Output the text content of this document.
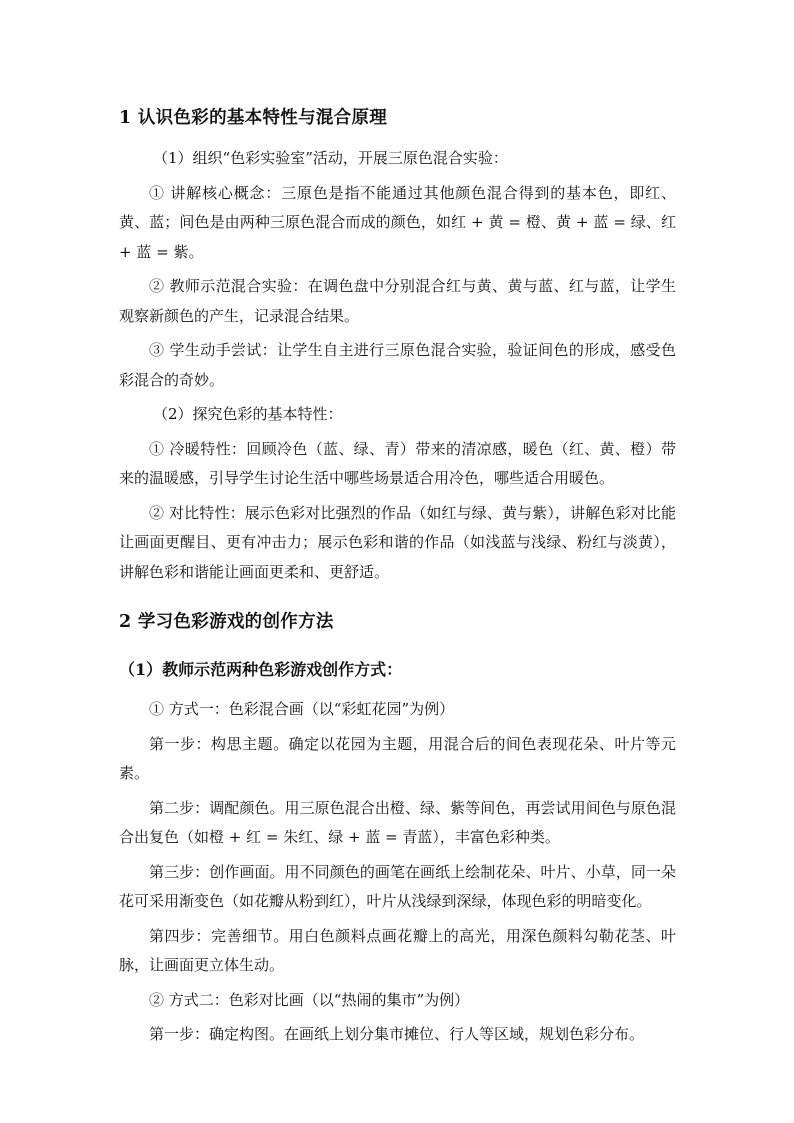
1 认识色彩的基本特性与混合原理

（1）组织“色彩实验室”活动，开展三原色混合实验：

① 讲解核心概念：三原色是指不能通过其他颜色混合得到的基本色，即红、黄、蓝；间色是由两种三原色混合而成的颜色，如红 + 黄 = 橙、黄 + 蓝 = 绿、红 + 蓝 = 紫。

② 教师示范混合实验：在调色盘中分别混合红与黄、黄与蓝、红与蓝，让学生观察新颜色的产生，记录混合结果。

③ 学生动手尝试：让学生自主进行三原色混合实验，验证间色的形成，感受色彩混合的奇妙。

（2）探究色彩的基本特性：

① 冷暖特性：回顾冷色（蓝、绿、青）带来的清凉感，暖色（红、黄、橙）带来的温暖感，引导学生讨论生活中哪些场景适合用冷色，哪些适合用暖色。

② 对比特性：展示色彩对比强烈的作品（如红与绿、黄与紫），讲解色彩对比能让画面更醒目、更有冲击力；展示色彩和谐的作品（如浅蓝与浅绿、粉红与淡黄），讲解色彩和谐能让画面更柔和、更舒适。

2 学习色彩游戏的创作方法
（1）教师示范两种色彩游戏创作方式：

① 方式一：色彩混合画（以“彩虹花园”为例）

第一步：构思主题。确定以花园为主题，用混合后的间色表现花朵、叶片等元素。

第二步：调配颜色。用三原色混合出橙、绿、紫等间色，再尝试用间色与原色混合出复色（如橙 + 红 = 朱红、绿 + 蓝 = 青蓝），丰富色彩种类。

第三步：创作画面。用不同颜色的画笔在画纸上绘制花朵、叶片、小草，同一朵花可采用渐变色（如花瓣从粉到红），叶片从浅绿到深绿，体现色彩的明暗变化。

第四步：完善细节。用白色颜料点画花瓣上的高光，用深色颜料勾勒花茎、叶脉，让画面更立体生动。

② 方式二：色彩对比画（以“热闹的集市”为例）

第一步：确定构图。在画纸上划分集市摊位、行人等区域，规划色彩分布。
